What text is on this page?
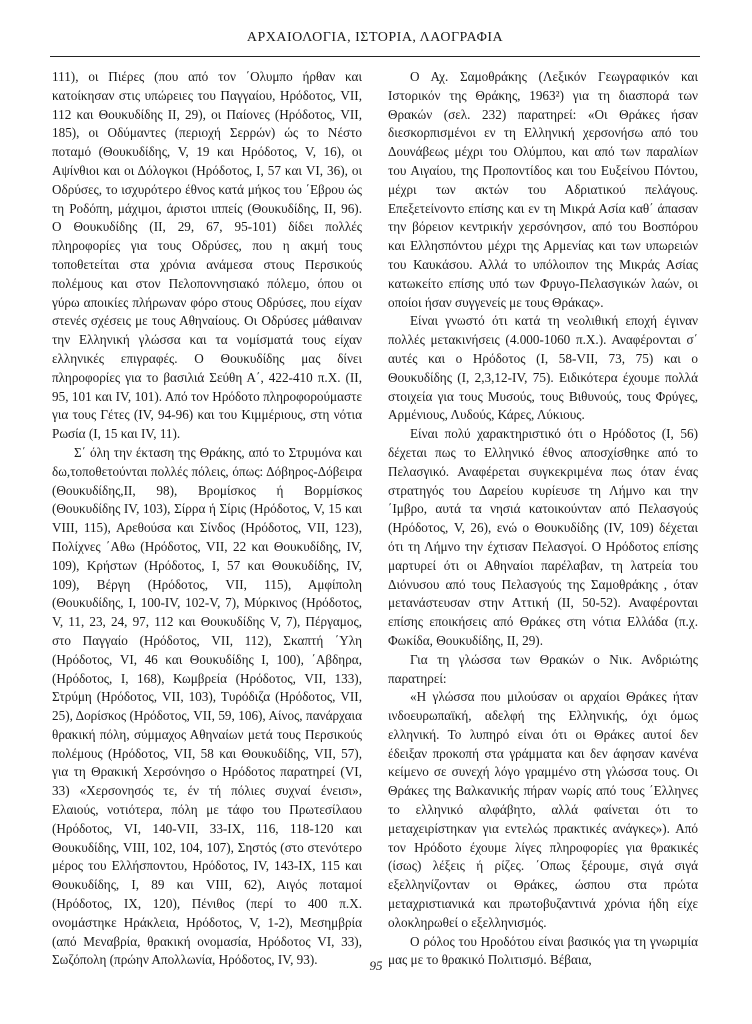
ΑΡΧΑΙΟΛΟΓΙΑ, ΙΣΤΟΡΙΑ, ΛΑΟΓΡΑΦΙΑ

111), οι Πιέρες (που από τον ΄Ολυμπο ήρθαν και κατοίκησαν στις υπώρειες του Παγγαίου, Ηρόδοτος, VII, 112 και Θουκυδίδης ΙΙ, 29), οι Παίονες (Ηρόδοτος, VII, 185), οι Οδύμαντες (περιοχή Σερρών) ώς το Νέστο ποταμό (Θουκυδίδης, V, 19 και Ηρόδοτος, V, 16), οι Αψίνθιοι και οι Δόλογκοι (Ηρόδοτος, Ι, 57 και VI, 36), οι Οδρύσες, το ισχυρότερο έθνος κατά μήκος του ΄Εβρου ώς τη Ροδόπη, μάχιμοι, άριστοι ιππείς (Θουκυδίδης, ΙΙ, 96). Ο Θουκυδίδης (ΙΙ, 29, 67, 95-101) δίδει πολλές πληροφορίες για τους Οδρύσες, που η ακμή τους τοποθετείται στα χρόνια ανάμεσα στους Περσικούς πολέμους και στον Πελοποννησιακό πόλεμο, όπου οι γύρω αποικίες πλήρωναν φόρο στους Οδρύσες, που είχαν στενές σχέσεις με τους Αθηναίους. Οι Οδρύσες μάθαιναν την Ελληνική γλώσσα και τα νομίσματά τους είχαν ελληνικές επιγραφές. Ο Θουκυδίδης μας δίνει πληροφορίες για το βασιλιά Σεύθη Α΄, 422-410 π.Χ. (ΙΙ, 95, 101 και IV, 101). Από τον Ηρόδοτο πληροφορούμαστε για τους Γέτες (IV, 94-96) και του Κιμμέριους, στη νότια Ρωσία (Ι, 15 και IV, 11).

Σ΄ όλη την έκταση της Θράκης, από το Στρυμόνα και δω,τοποθετούνται πολλές πόλεις, όπως: Δόβηρος-Δόβειρα (Θουκυδίδης,ΙΙ, 98), Βρομίσκος ή Βορμίσκος (Θουκυδίδης IV, 103), Σίρρα ή Σίρις (Ηρόδοτος, V, 15 και VIII, 115), Αρεθούσα και Σίνδος (Ηρόδοτος, VII, 123), Πολίχνες ΄Αθω (Ηρόδοτος, VII, 22 και Θουκυδίδης, IV, 109), Κρήστων (Ηρόδοτος, Ι, 57 και Θουκυδίδης, IV, 109), Βέργη (Ηρόδοτος, VII, 115), Αμφίπολη (Θουκυδίδης, Ι, 100-IV, 102-V, 7), Μύρκινος (Ηρόδοτος, V, 11, 23, 24, 97, 112 και Θουκυδίδης V, 7), Πέργαμος, στο Παγγαίο (Ηρόδοτος, VII, 112), Σκαπτή ΄Υλη (Ηρόδοτος, VI, 46 και Θουκυδίδης Ι, 100), ΄Αβδηρα, (Ηρόδοτος, Ι, 168), Κωμβρεία (Ηρόδοτος, VII, 133), Στρύμη (Ηρόδοτος, VII, 103), Τυρόδιζα (Ηρόδοτος, VII, 25), Δορίσκος (Ηρόδοτος, VII, 59, 106), Αίνος, πανάρχαια θρακική πόλη, σύμμαχος Αθηναίων μετά τους Περσικούς πολέμους (Ηρόδοτος, VII, 58 και Θουκυδίδης, VII, 57), για τη Θρακική Χερσόνησο ο Ηρόδοτος παρατηρεί (VI, 33) «Χερσονησός τε, έν τή πόλιες συχναί ένεισι», Ελαιούς, νοτιότερα, πόλη με τάφο του Πρωτεσίλαου (Ηρόδοτος, VI, 140-VII, 33-IX, 116, 118-120 και Θουκυδίδης, VIII, 102, 104, 107), Σηστός (στο στενότερο μέρος του Ελλήσποντου, Ηρόδοτος, IV, 143-IX, 115 και Θουκυδίδης, Ι, 89 και VIII, 62), Αιγός ποταμοί (Ηρόδοτος, IX, 120), Πένιθος (περί το 400 π.Χ. ονομάστηκε Ηράκλεια, Ηρόδοτος, V, 1-2), Μεσημβρία (από Μεναβρία, θρακική ονομασία, Ηρόδοτος VI, 33), Σωζόπολη (πρώην Απολλωνία, Ηρόδοτος, IV, 93).

Ο Αχ. Σαμοθράκης (Λεξικόν Γεωγραφικόν και Ιστορικόν της Θράκης, 1963²) για τη διασπορά των Θρακών (σελ. 232) παρατηρεί: «Οι Θράκες ήσαν διεσκορπισμένοι εν τη Ελληνική χερσονήσω από του Δουνάβεως μέχρι του Ολύμπου, και από των παραλίων του Αιγαίου, της Προποντίδος και του Ευξείνου Πόντου, μέχρι των ακτών του Αδριατικού πελάγους. Επεξετείνοντο επίσης και εν τη Μικρά Ασία καθ΄ άπασαν την βόρειον κεντρικήν χερσόνησον, από του Βοσπόρου και Ελλησπόντου μέχρι της Αρμενίας και των υπωρειών του Καυκάσου. Αλλά το υπόλοιπον της Μικράς Ασίας κατωκείτο επίσης υπό των Φρυγο-Πελασγικών λαών, οι οποίοι ήσαν συγγενείς με τους Θράκας».

Είναι γνωστό ότι κατά τη νεολιθική εποχή έγιναν πολλές μετακινήσεις (4.000-1060 π.Χ.). Αναφέρονται σ΄ αυτές και ο Ηρόδοτος (Ι, 58-VII, 73, 75) και ο Θουκυδίδης (Ι, 2,3,12-IV, 75). Ειδικότερα έχουμε πολλά στοιχεία για τους Μυσούς, τους Βιθυνούς, τους Φρύγες, Αρμένιους, Λυδούς, Κάρες, Λύκιους.

Είναι πολύ χαρακτηριστικό ότι ο Ηρόδοτος (Ι, 56) δέχεται πως το Ελληνικό έθνος αποσχίσθηκε από το Πελασγικό. Αναφέρεται συγκεκριμένα πως όταν ένας στρατηγός του Δαρείου κυρίευσε τη Λήμνο και την ΄Ιμβρο, αυτά τα νησιά κατοικούνταν από Πελασγούς (Ηρόδοτος, V, 26), ενώ ο Θουκυδίδης (IV, 109) δέχεται ότι τη Λήμνο την έχτισαν Πελασγοί. Ο Ηρόδοτος επίσης μαρτυρεί ότι οι Αθηναίοι παρέλαβαν, τη λατρεία του Διόνυσου από τους Πελασγούς της Σαμοθράκης , όταν μετανάστευσαν στην Αττική (ΙΙ, 50-52). Αναφέρονται επίσης εποικήσεις από Θράκες στη νότια Ελλάδα (π.χ. Φωκίδα, Θουκυδίδης, ΙΙ, 29).

Για τη γλώσσα των Θρακών ο Νικ. Ανδριώτης παρατηρεί:

«Η γλώσσα που μιλούσαν οι αρχαίοι Θράκες ήταν ινδοευρωπαϊκή, αδελφή της Ελληνικής, όχι όμως ελληνική. Το λυπηρό είναι ότι οι Θράκες αυτοί δεν έδειξαν προκοπή στα γράμματα και δεν άφησαν κανένα κείμενο σε συνεχή λόγο γραμμένο στη γλώσσα τους. Οι Θράκες της Βαλκανικής πήραν νωρίς από τους ΄Ελληνες το ελληνικό αλφάβητο, αλλά φαίνεται ότι το μεταχειρίστηκαν για εντελώς πρακτικές ανάγκες»). Από τον Ηρόδοτο έχουμε λίγες πληροφορίες για θρακικές (ίσως) λέξεις ή ρίζες. ΄Οπως ξέρουμε, σιγά σιγά εξελληνίζονταν οι Θράκες, ώσπου στα πρώτα μεταχριστιανικά και πρωτοβυζαντινά χρόνια ήδη είχε ολοκληρωθεί ο εξελληνισμός.

Ο ρόλος του Ηροδότου είναι βασικός για τη γνωριμία μας με το θρακικό Πολιτισμό. Βέβαια,

95
